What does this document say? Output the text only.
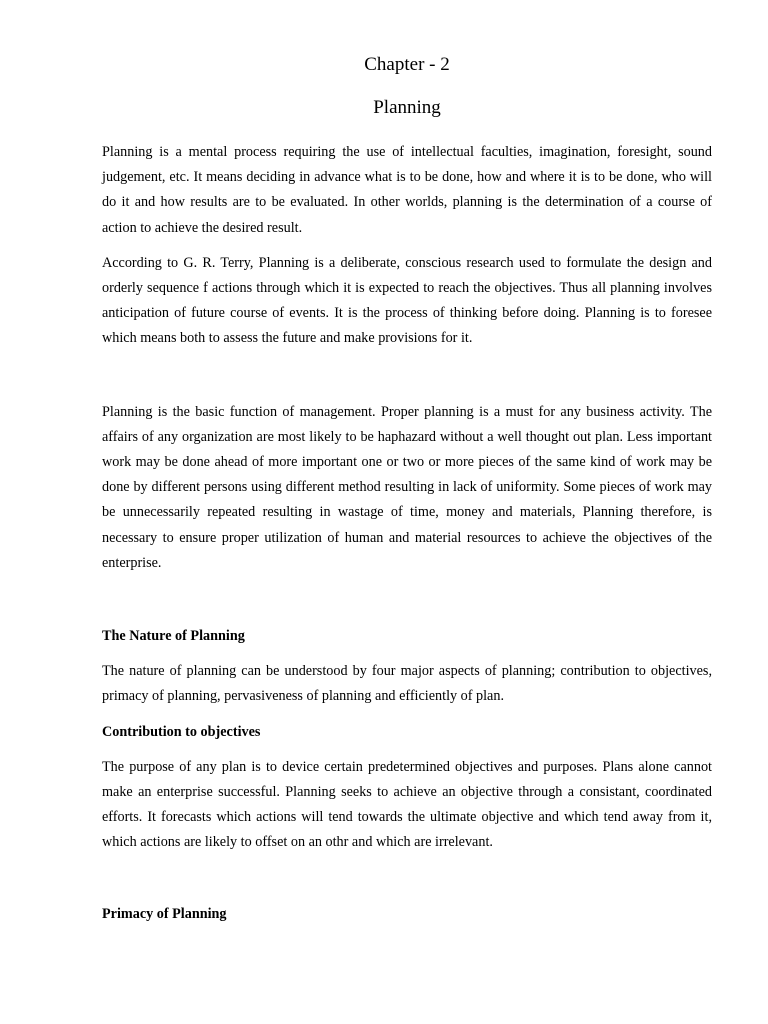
Chapter - 2
Planning

Planning is a mental process requiring the use of intellectual faculties, imagination, foresight, sound judgement, etc. It means deciding in advance what is to be done, how and where it is to be done, who will do it and how results are to be evaluated. In other worlds, planning is the determination of a course of action to achieve the desired result.

According to G. R. Terry, Planning is a deliberate, conscious research used to formulate the design and orderly sequence f actions through which it is expected to reach the objectives. Thus all planning involves anticipation of future course of events. It is the process of thinking before doing. Planning is to foresee which means both to assess the future and make provisions for it.

Planning is the basic function of management. Proper planning is a must for any business activity. The affairs of any organization are most likely to be haphazard without a well thought out plan. Less important work may be done ahead of more important one or two or more pieces of the same kind of work may be done by different persons using different method resulting in lack of uniformity. Some pieces of work may be unnecessarily repeated resulting in wastage of time, money and materials, Planning therefore, is necessary to ensure proper utilization of human and material resources to achieve the objectives of the enterprise.

The Nature of Planning

The nature of planning can be understood by four major aspects of planning; contribution to objectives, primacy of planning, pervasiveness of planning and efficiently of plan.

Contribution to objectives

The purpose of any plan is to device certain predetermined objectives and purposes. Plans alone cannot make an enterprise successful. Planning seeks to achieve an objective through a consistant, coordinated efforts. It forecasts which actions will tend towards the ultimate objective and which tend away from it, which actions are likely to offset on an othr and which are irrelevant.

Primacy of Planning
